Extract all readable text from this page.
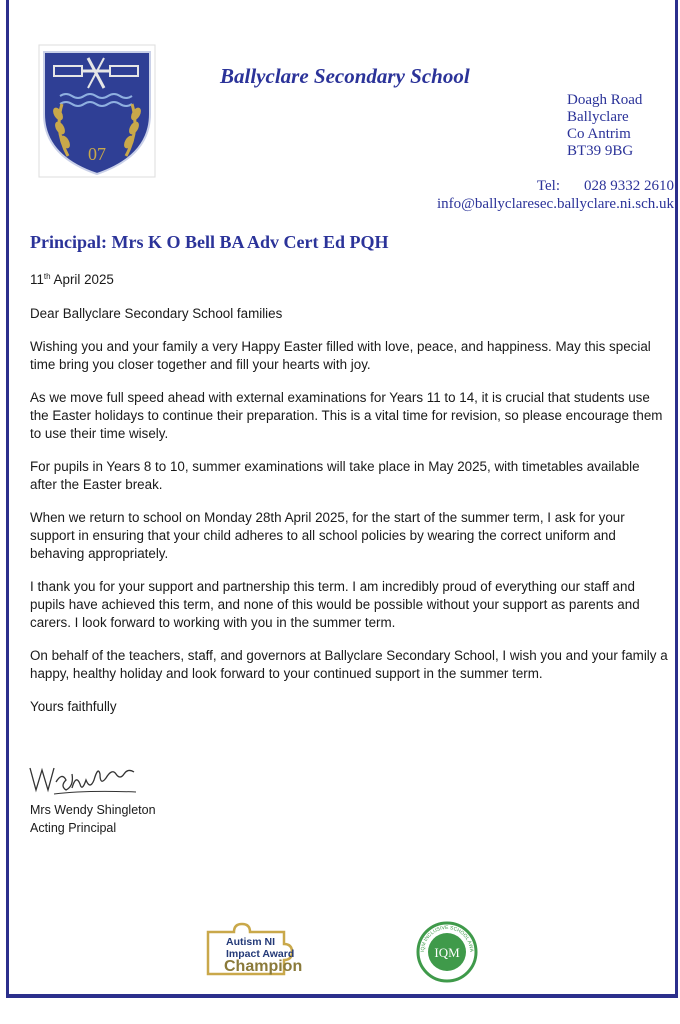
07
Ballyclare Secondary School
Doagh Road
Ballyclare
Co Antrim
BT39 9BG
Tel: 028 9332 2610
info@ballyclaresec.ballyclare.ni.sch.uk
Principal: Mrs K O Bell BA Adv Cert Ed PQH

11th April 2025

Dear Ballyclare Secondary School families

Wishing you and your family a very Happy Easter filled with love, peace, and happiness. May this special time bring you closer together and fill your hearts with joy.

As we move full speed ahead with external examinations for Years 11 to 14, it is crucial that students use the Easter holidays to continue their preparation. This is a vital time for revision, so please encourage them to use their time wisely.

For pupils in Years 8 to 10, summer examinations will take place in May 2025, with timetables available after the Easter break.

When we return to school on Monday 28th April 2025, for the start of the summer term, I ask for your support in ensuring that your child adheres to all school policies by wearing the correct uniform and behaving appropriately.

I thank you for your support and partnership this term. I am incredibly proud of everything our staff and pupils have achieved this term, and none of this would be possible without your support as parents and carers. I look forward to working with you in the summer term.

On behalf of the teachers, staff, and governors at Ballyclare Secondary School, I wish you and your family a happy, healthy holiday and look forward to your continued support in the summer term.

Yours faithfully

Mrs Wendy Shingleton
Acting Principal
Autism NI
Impact Award
Champion
IQM
IQM INCLUSIVE SCHOOL AWA
